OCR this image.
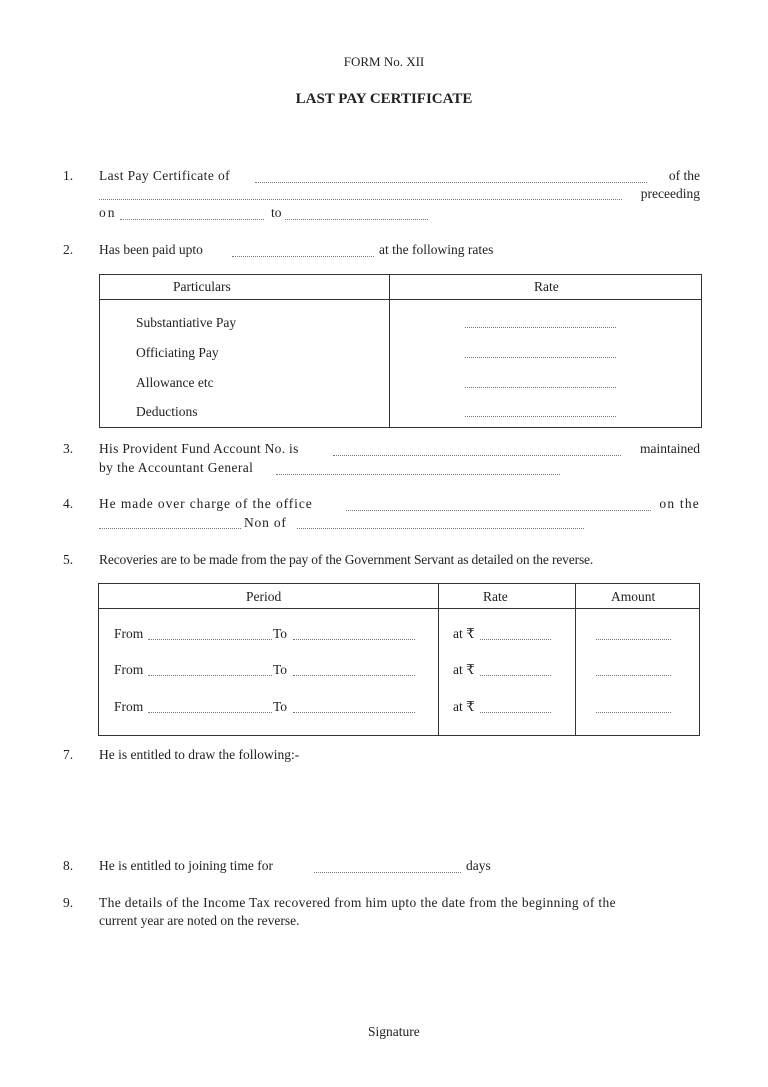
FORM No. XII
LAST PAY CERTIFICATE
1. Last Pay Certificate of	of the
preceeding
on	to
2. Has been paid upto	at the following rates
Particulars	Rate
Substantiative Pay
Officiating Pay
Allowance etc
Deductions
3. His Provident Fund Account No. is	maintained
by the Accountant General
4. He made over charge of the office	on the
Non of
5. Recoveries are to be made from the pay of the Government Servant as detailed on the reverse.
Period	Rate	Amount
From	To	at ₹
From	To	at ₹
From	To	at ₹
7. He is entitled to draw the following:-
8. He is entitled to joining time for	days
9. The details of the Income Tax recovered from him upto the date from the beginning of the
current year are noted on the reverse.
Signature
